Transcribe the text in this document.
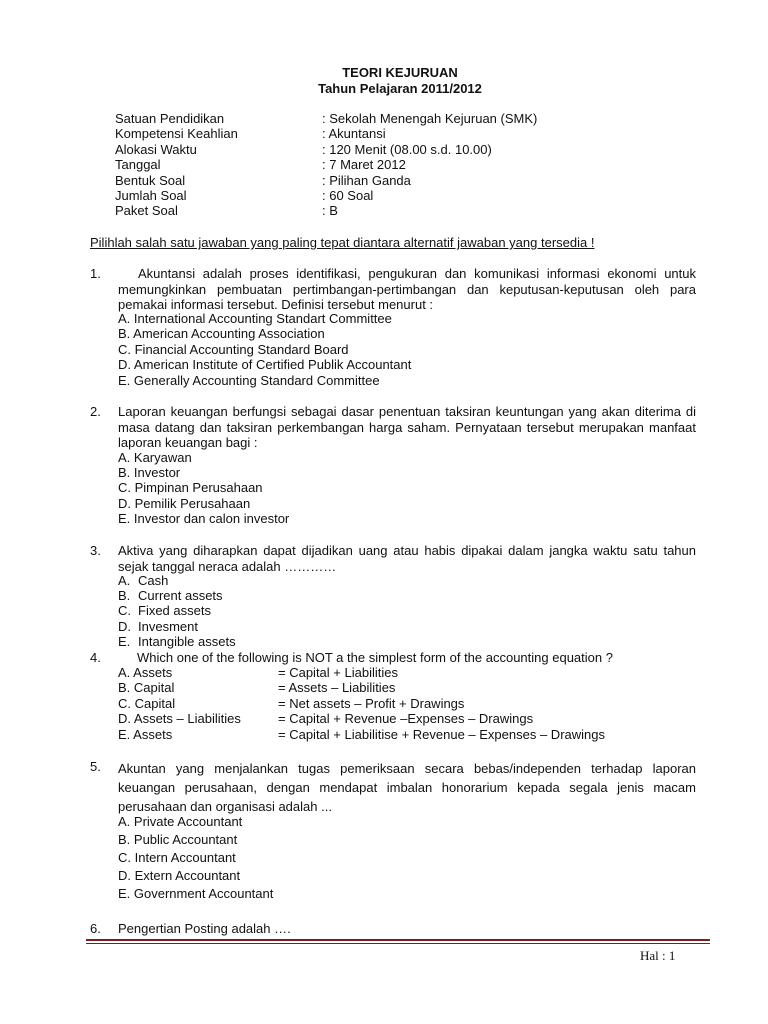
TEORI KEJURUAN
Tahun Pelajaran 2011/2012
Satuan Pendidikan	: Sekolah Menengah Kejuruan (SMK)
Kompetensi Keahlian	: Akuntansi
Alokasi Waktu	: 120 Menit (08.00 s.d. 10.00)
Tanggal	: 7 Maret 2012
Bentuk Soal	: Pilihan Ganda
Jumlah Soal	: 60 Soal
Paket Soal	: B
Pilihlah salah satu jawaban yang paling tepat diantara alternatif jawaban yang tersedia !
1.	Akuntansi adalah proses identifikasi, pengukuran dan komunikasi informasi ekonomi untuk memungkinkan pembuatan pertimbangan-pertimbangan dan keputusan-keputusan oleh para pemakai informasi tersebut. Definisi tersebut menurut :
A. International Accounting Standart Committee
B. American Accounting Association
C. Financial Accounting Standard Board
D. American Institute of Certified Publik Accountant
E. Generally Accounting Standard Committee
2. Laporan keuangan berfungsi sebagai dasar penentuan taksiran keuntungan yang akan diterima di masa datang dan taksiran perkembangan harga saham. Pernyataan tersebut merupakan manfaat laporan keuangan bagi :
A. Karyawan
B. Investor
C. Pimpinan Perusahaan
D. Pemilik Perusahaan
E. Investor dan calon investor
3. Aktiva yang diharapkan dapat dijadikan uang atau habis dipakai dalam jangka waktu satu tahun sejak tanggal neraca adalah …………
A. Cash
B. Current assets
C. Fixed assets
D. Invesment
E. Intangible assets
4.	Which one of the following is NOT a the simplest form of the accounting equation ?
A. Assets	= Capital + Liabilities
B. Capital	= Assets – Liabilities
C. Capital	= Net assets – Profit + Drawings
D. Assets – Liabilities	= Capital + Revenue –Expenses – Drawings
E. Assets	= Capital + Liabilitise + Revenue – Expenses – Drawings
5. Akuntan yang menjalankan tugas pemeriksaan secara bebas/independen terhadap laporan keuangan perusahaan, dengan mendapat imbalan honorarium kepada segala jenis macam perusahaan dan organisasi adalah ...
A. Private Accountant
B. Public Accountant
C. Intern Accountant
D. Extern Accountant
E. Government Accountant
6. Pengertian Posting adalah ….
Hal : 1
